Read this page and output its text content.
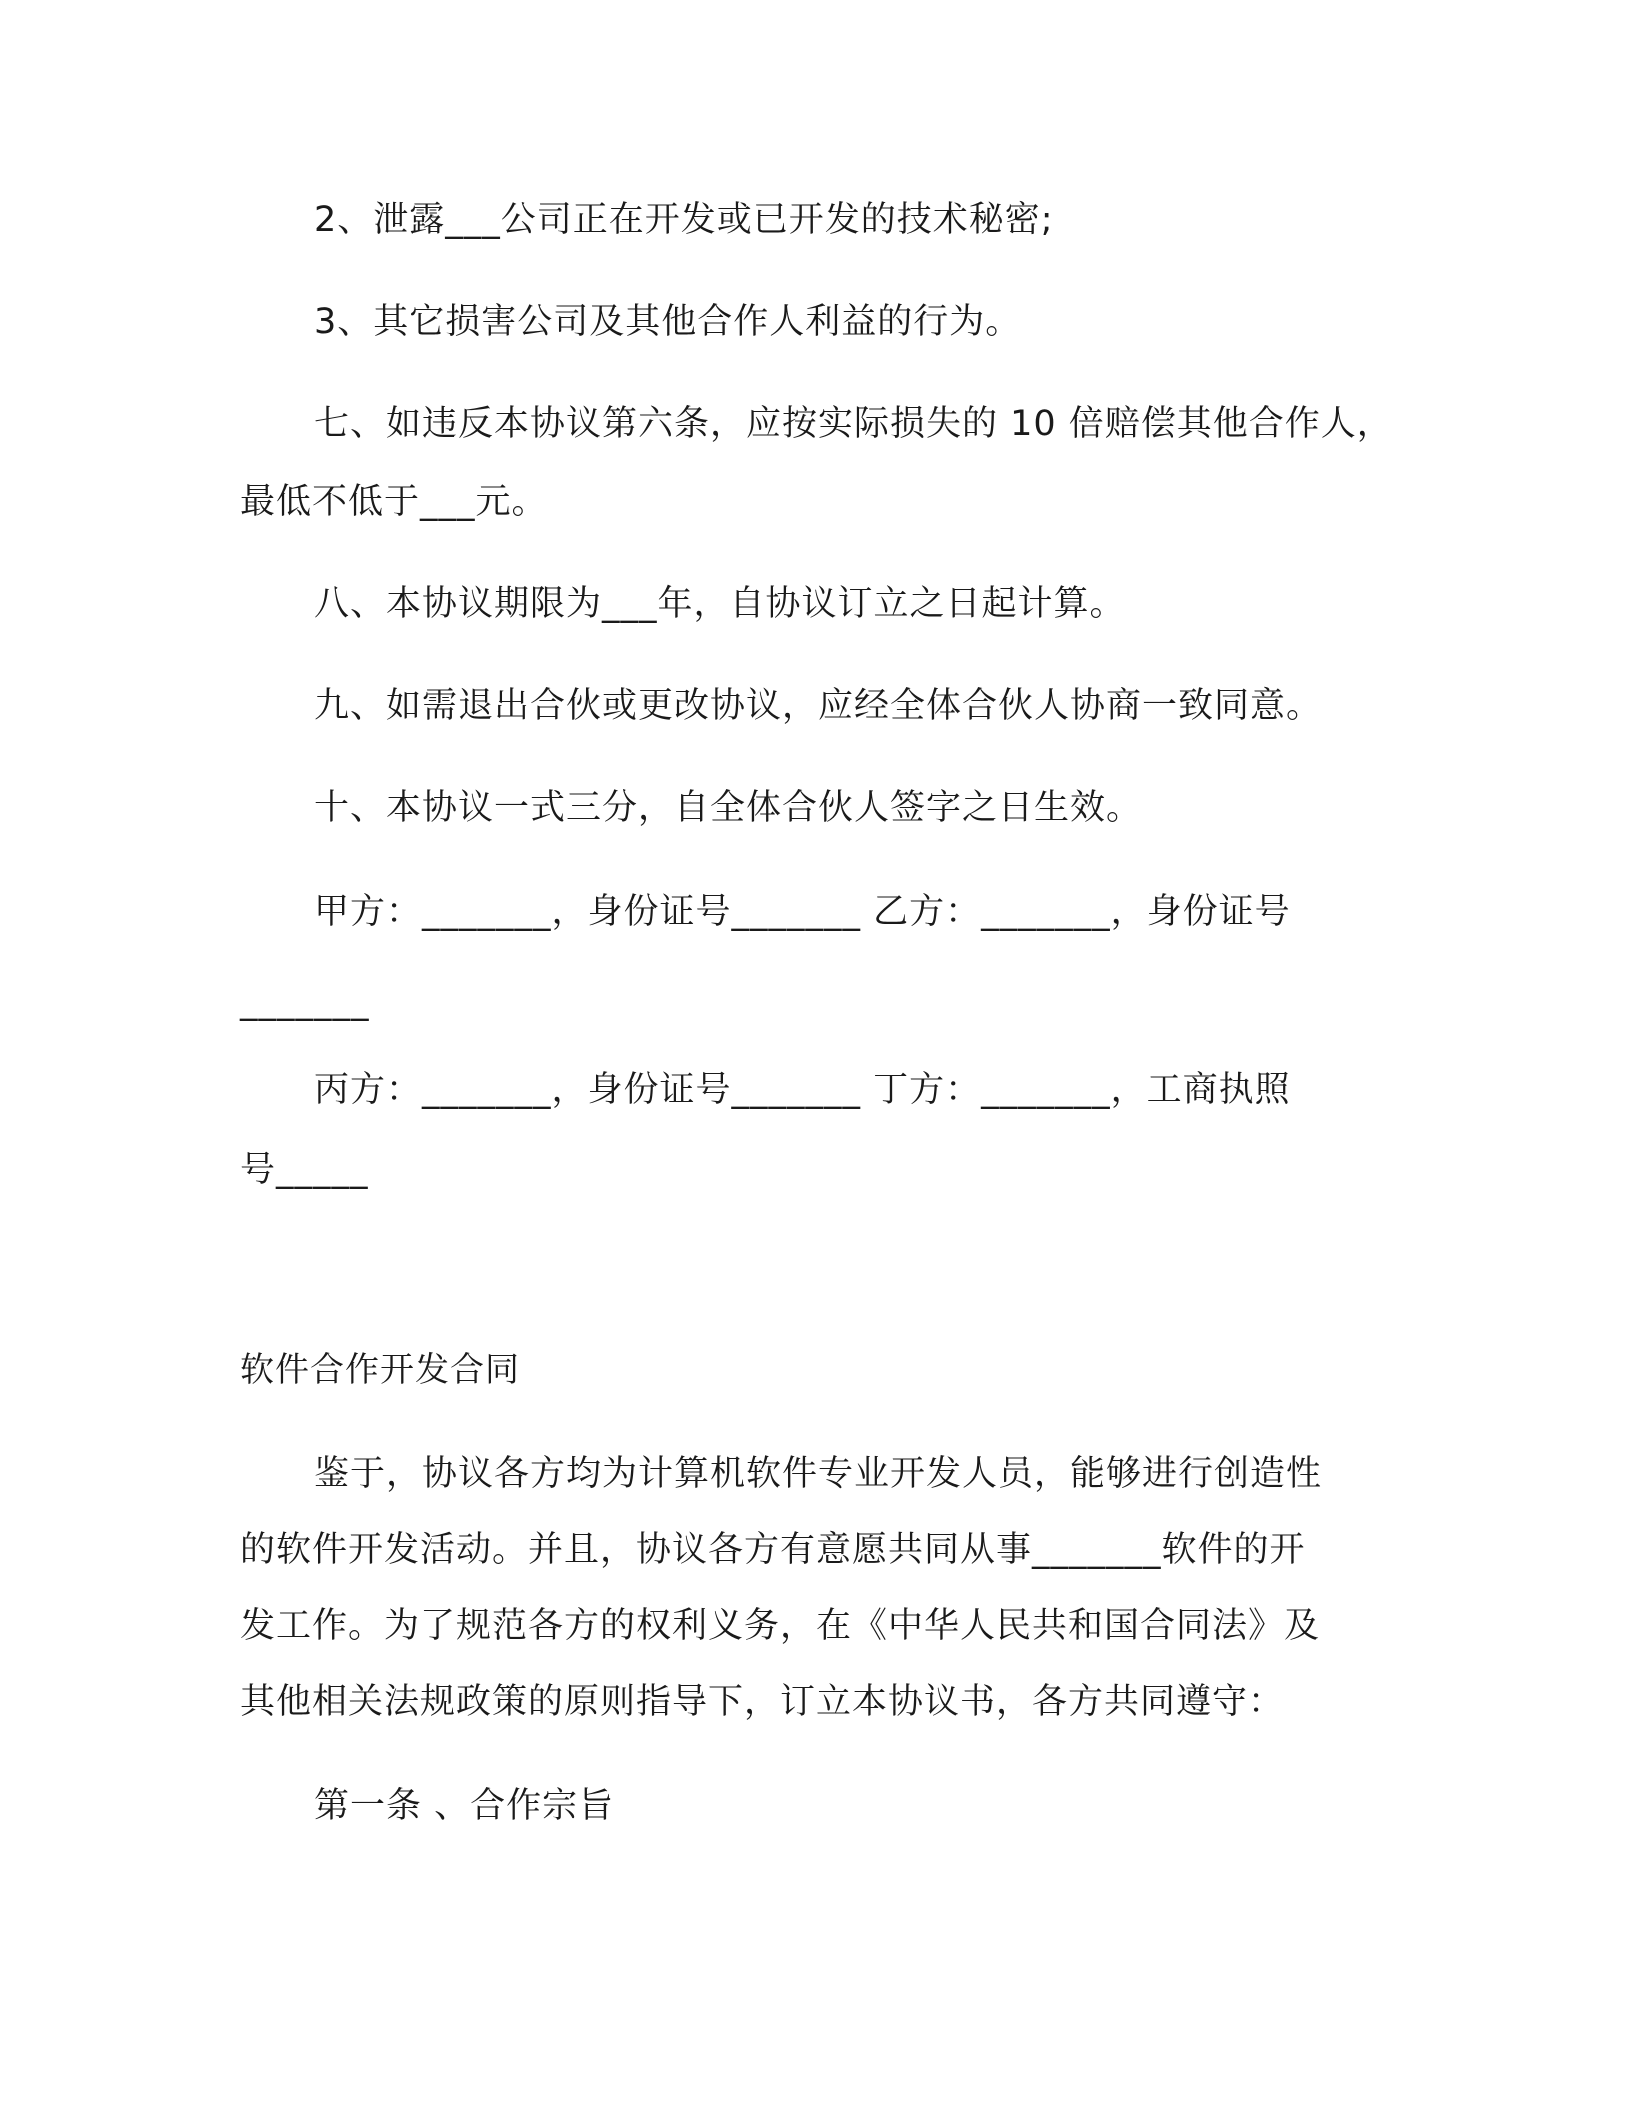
2、泄露___公司正在开发或已开发的技术秘密;
3、其它损害公司及其他合作人利益的行为。
七、如违反本协议第六条，应按实际损失的 10 倍赔偿其他合作人，
最低不低于___元。
八、本协议期限为___年，自协议订立之日起计算。
九、如需退出合伙或更改协议，应经全体合伙人协商一致同意。
十、本协议一式三分，自全体合伙人签字之日生效。
甲方：_______，身份证号_______ 乙方：_______，身份证号
_______
丙方：_______，身份证号_______ 丁方：_______，工商执照
号_____
软件合作开发合同
鉴于，协议各方均为计算机软件专业开发人员，能够进行创造性
的软件开发活动。并且，协议各方有意愿共同从事_______软件的开
发工作。为了规范各方的权利义务，在《中华人民共和国合同法》及
其他相关法规政策的原则指导下，订立本协议书，各方共同遵守：
第一条 、合作宗旨
